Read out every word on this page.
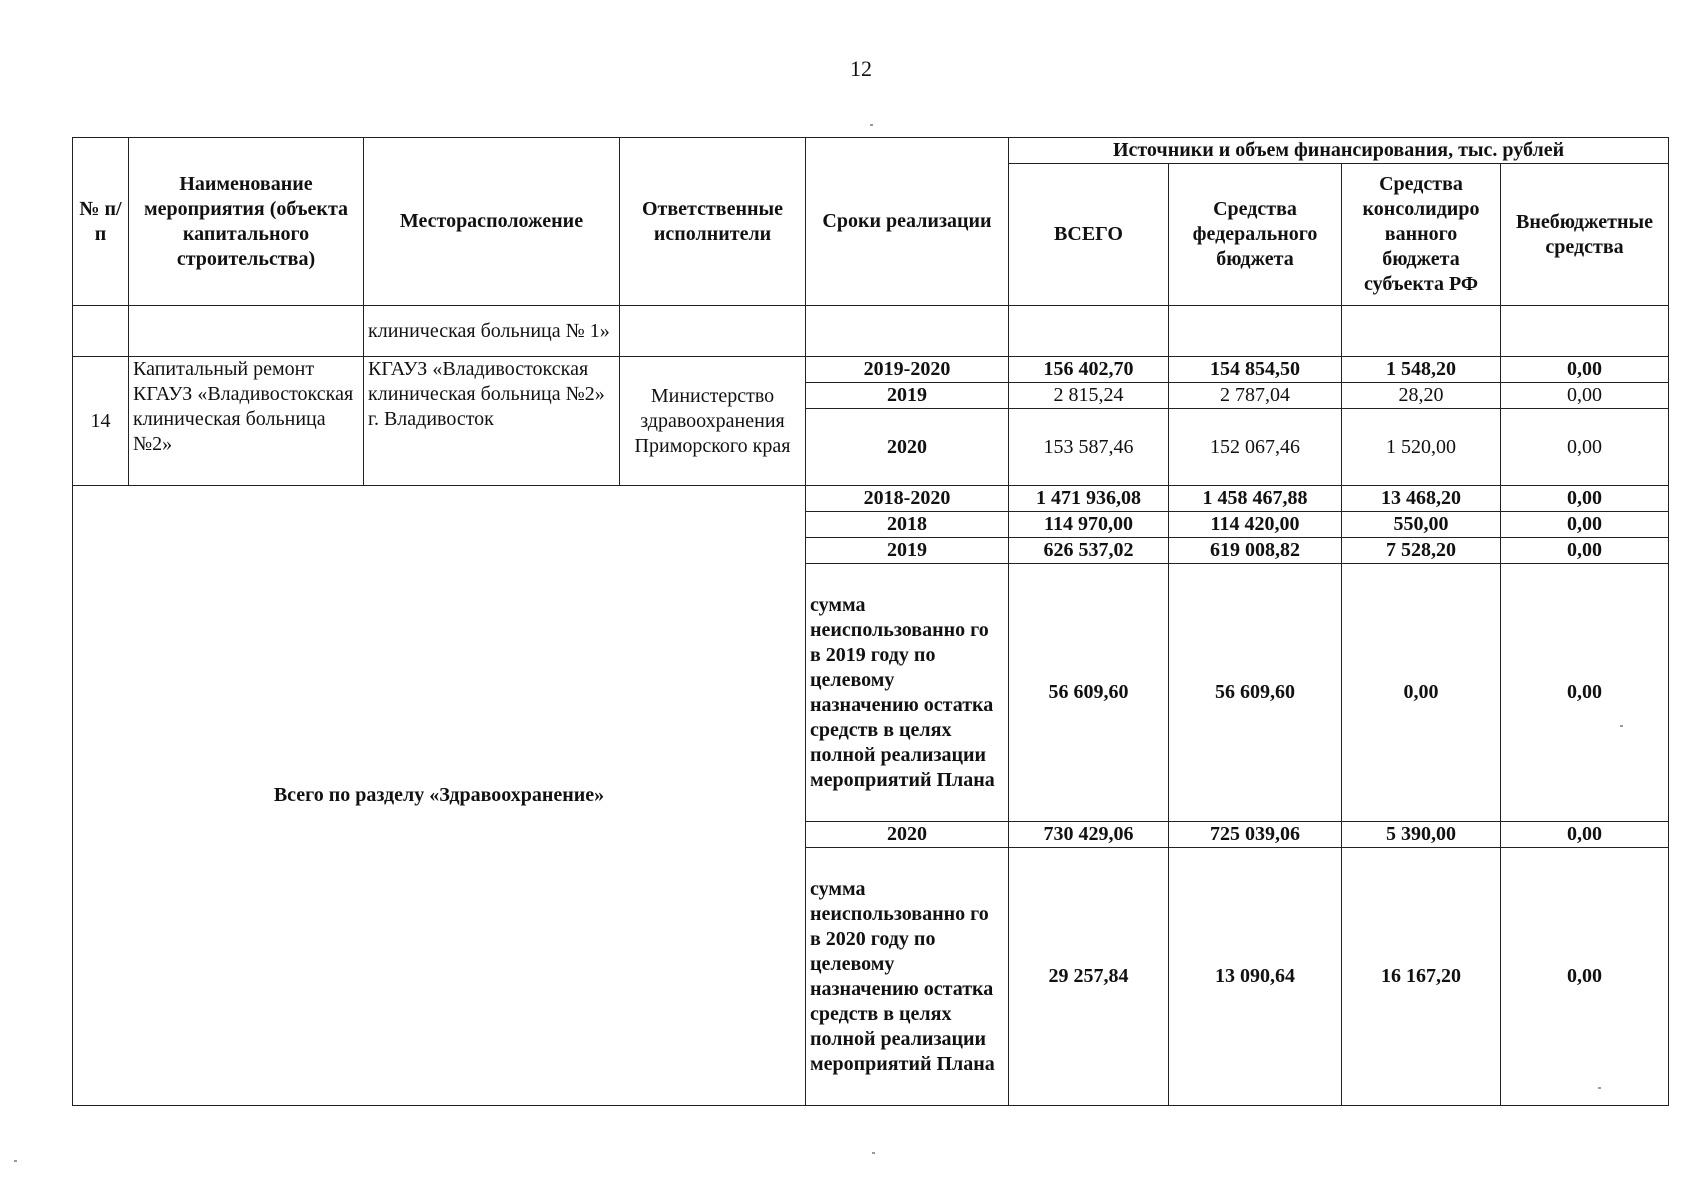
12
№ п/п	Наименование мероприятия (объекта капитального строительства)	Месторасположение	Ответственные исполнители	Сроки реализации	Источники и объем финансирования, тыс. рублей			
					ВСЕГО	Средства федерального бюджета	Средства консолидиро ванного бюджета субъекта РФ	Внебюджетные средства
		клиническая больница № 1»						
14	Капитальный ремонт КГАУЗ «Владивостокская клиническая больница №2»	КГАУЗ «Владивостокская клиническая больница №2» г. Владивосток	Министерство здравоохранения Приморского края	2019-2020	156 402,70	154 854,50	1 548,20	0,00
				2019	2 815,24	2 787,04	28,20	0,00
				2020	153 587,46	152 067,46	1 520,00	0,00
Всего по разделу «Здравоохранение»				2018-2020	1 471 936,08	1 458 467,88	13 468,20	0,00
				2018	114 970,00	114 420,00	550,00	0,00
				2019	626 537,02	619 008,82	7 528,20	0,00
				сумма неиспользованно го в 2019 году по целевому назначению остатка средств в целях полной реализации мероприятий Плана	56 609,60	56 609,60	0,00	0,00
				2020	730 429,06	725 039,06	5 390,00	0,00
				сумма неиспользованно го в 2020 году по целевому назначению остатка средств в целях полной реализации мероприятий Плана	29 257,84	13 090,64	16 167,20	0,00
